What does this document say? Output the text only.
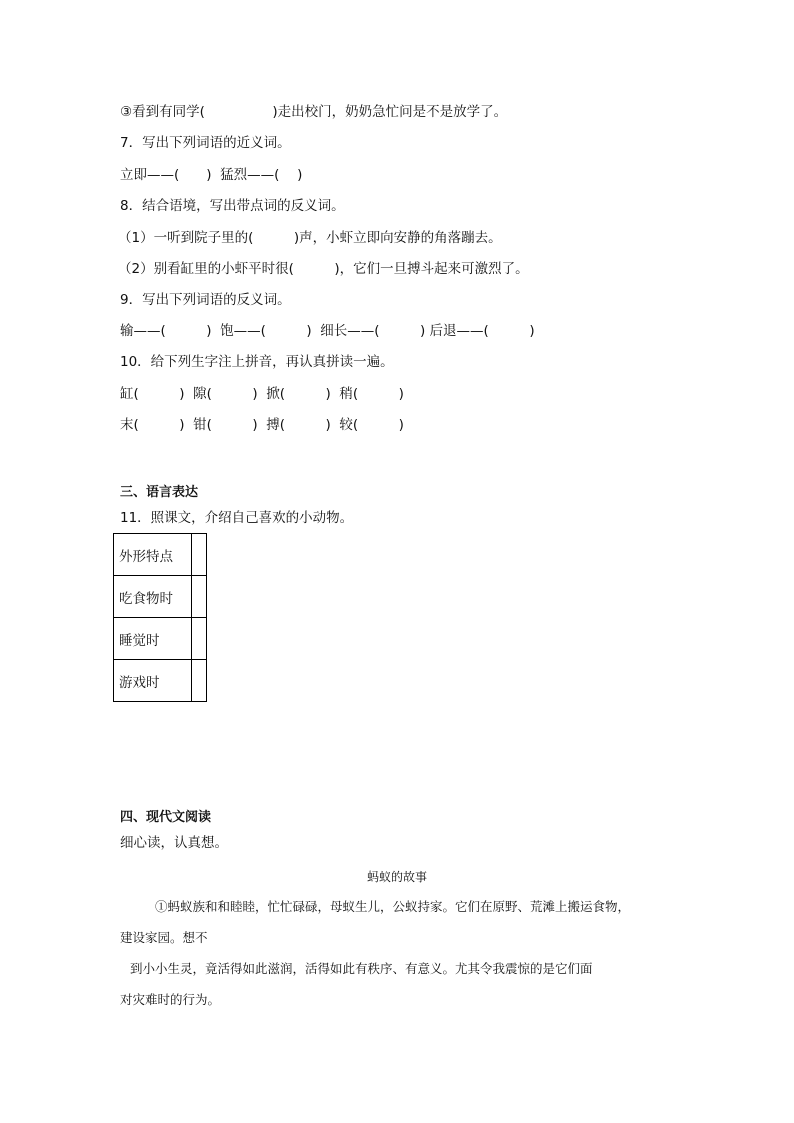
③看到有同学(　　　　　)走出校门，奶奶急忙问是不是放学了。
7．写出下列词语的近义词。
立即——(　　)  猛烈——(　 )
8．结合语境，写出带点词的反义词。
（1）一听到院子里的(　　　)声，小虾立即向安静的角落蹦去。
（2）别看缸里的小虾平时很(　　　)，它们一旦搏斗起来可激烈了。
9．写出下列词语的反义词。
输——(　　　)  饱——(　　　)  细长——(　　　) 后退——(　　　)
10．给下列生字注上拼音，再认真拼读一遍。
缸(　　　)  隙(　　　)  掀(　　　)  稍(　　　)
末(　　　)  钳(　　　)  搏(　　　)  较(　　　)
三、语言表达
11．照课文，介绍自己喜欢的小动物。
外形特点	
吃食物时	
睡觉时	
游戏时	
四、现代文阅读
细心读，认真想。
蚂蚁的故事
①蚂蚁族和和睦睦，忙忙碌碌，母蚁生儿，公蚁持家。它们在原野、荒滩上搬运食物，
建设家园。想不
到小小生灵，竟活得如此滋润，活得如此有秩序、有意义。尤其令我震惊的是它们面
对灾难时的行为。
